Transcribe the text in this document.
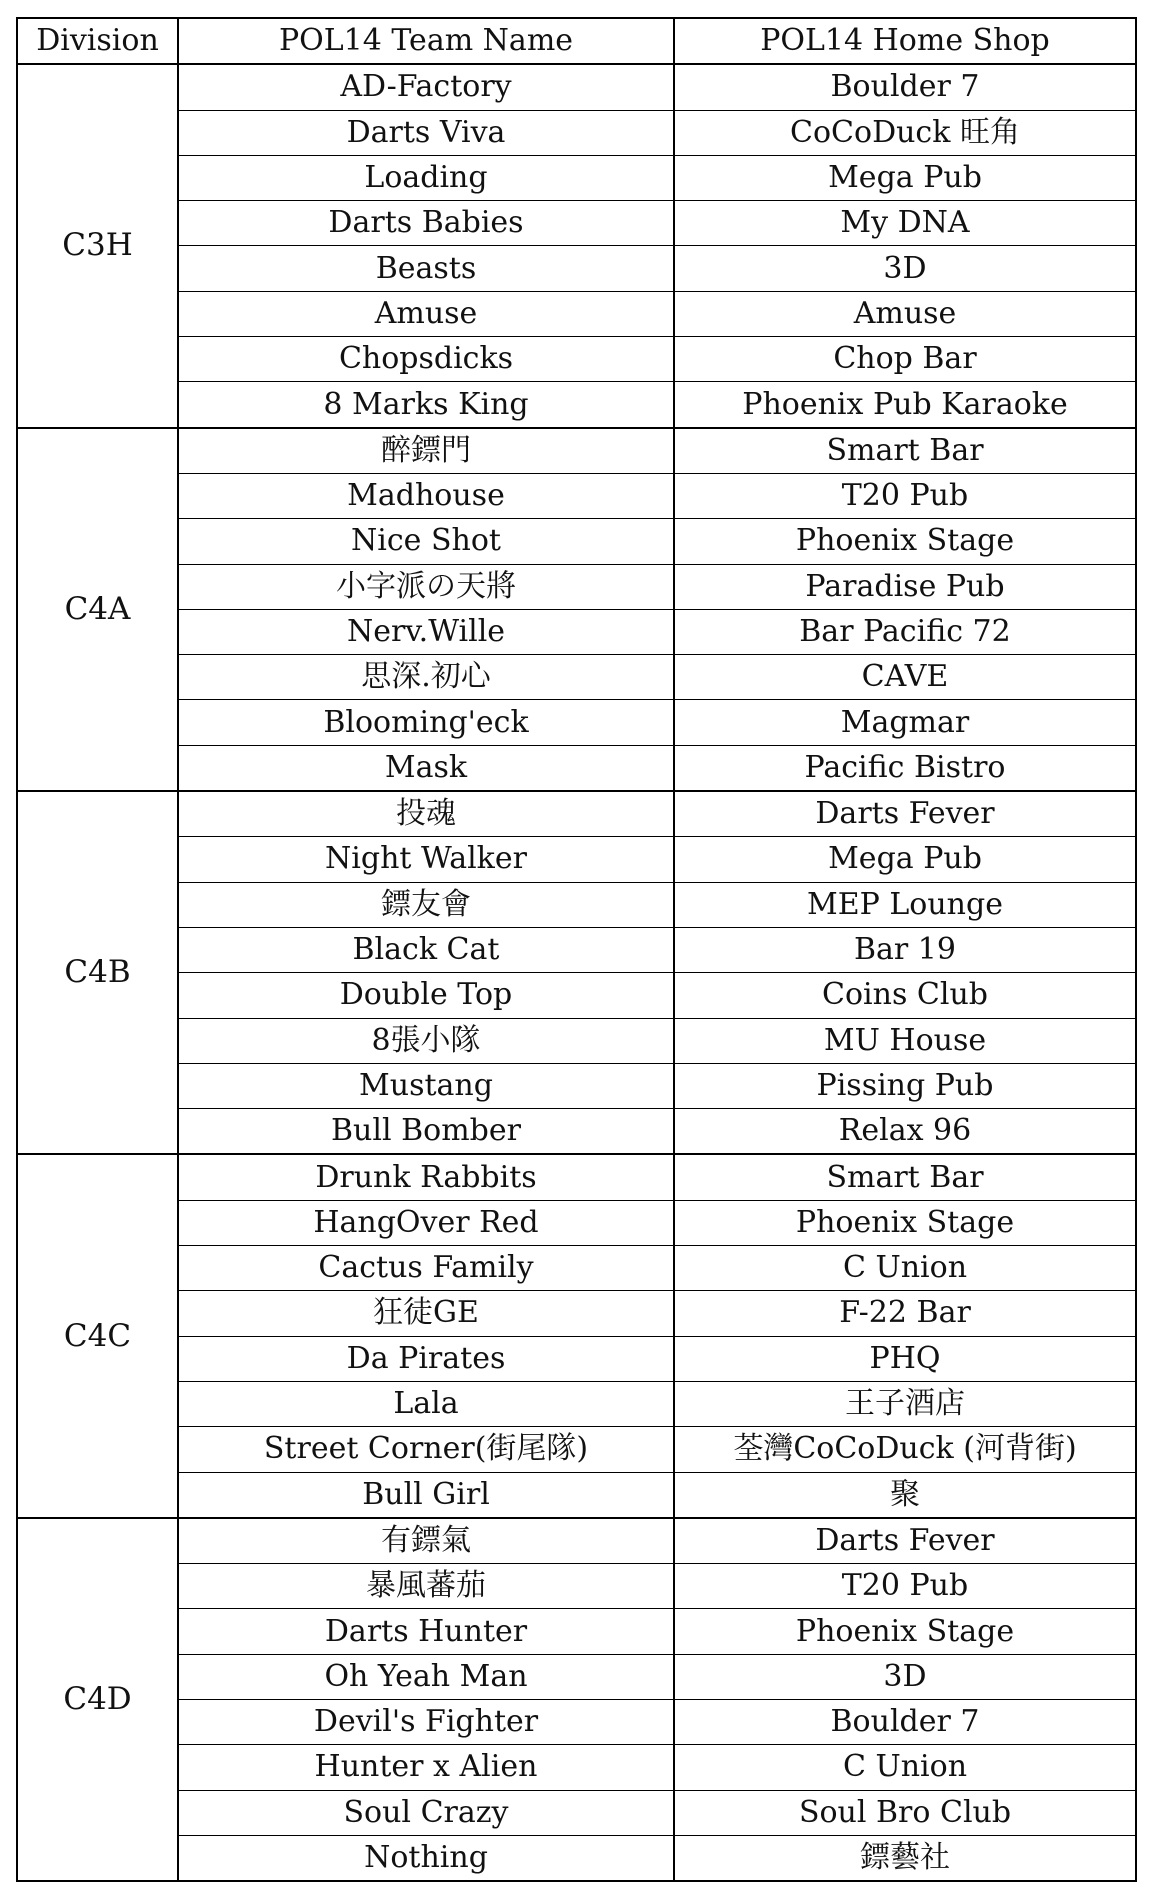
Division	POL14 Team Name	POL14 Home Shop
C3H	AD-Factory	Boulder 7
	Darts Viva	CoCoDuck 旺角
	Loading	Mega Pub
	Darts Babies	My DNA
	Beasts	3D
	Amuse	Amuse
	Chopsdicks	Chop Bar
	8 Marks King	Phoenix Pub Karaoke
C4A	醉鏢門	Smart Bar
	Madhouse	T20 Pub
	Nice Shot	Phoenix Stage
	小字派の天將	Paradise Pub
	Nerv.Wille	Bar Pacific 72
	思深.初心	CAVE
	Blooming'eck	Magmar
	Mask	Pacific Bistro
C4B	投魂	Darts Fever
	Night Walker	Mega Pub
	鏢友會	MEP Lounge
	Black Cat	Bar 19
	Double Top	Coins Club
	8張小隊	MU House
	Mustang	Pissing Pub
	Bull Bomber	Relax 96
C4C	Drunk Rabbits	Smart Bar
	HangOver Red	Phoenix Stage
	Cactus Family	C Union
	狂徒GE	F-22 Bar
	Da Pirates	PHQ
	Lala	王子酒店
	Street Corner(街尾隊)	荃灣CoCoDuck (河背街)
	Bull Girl	聚
C4D	有鏢氣	Darts Fever
	暴風蕃茄	T20 Pub
	Darts Hunter	Phoenix Stage
	Oh Yeah Man	3D
	Devil's Fighter	Boulder 7
	Hunter x Alien	C Union
	Soul Crazy	Soul Bro Club
	Nothing	鏢藝社
